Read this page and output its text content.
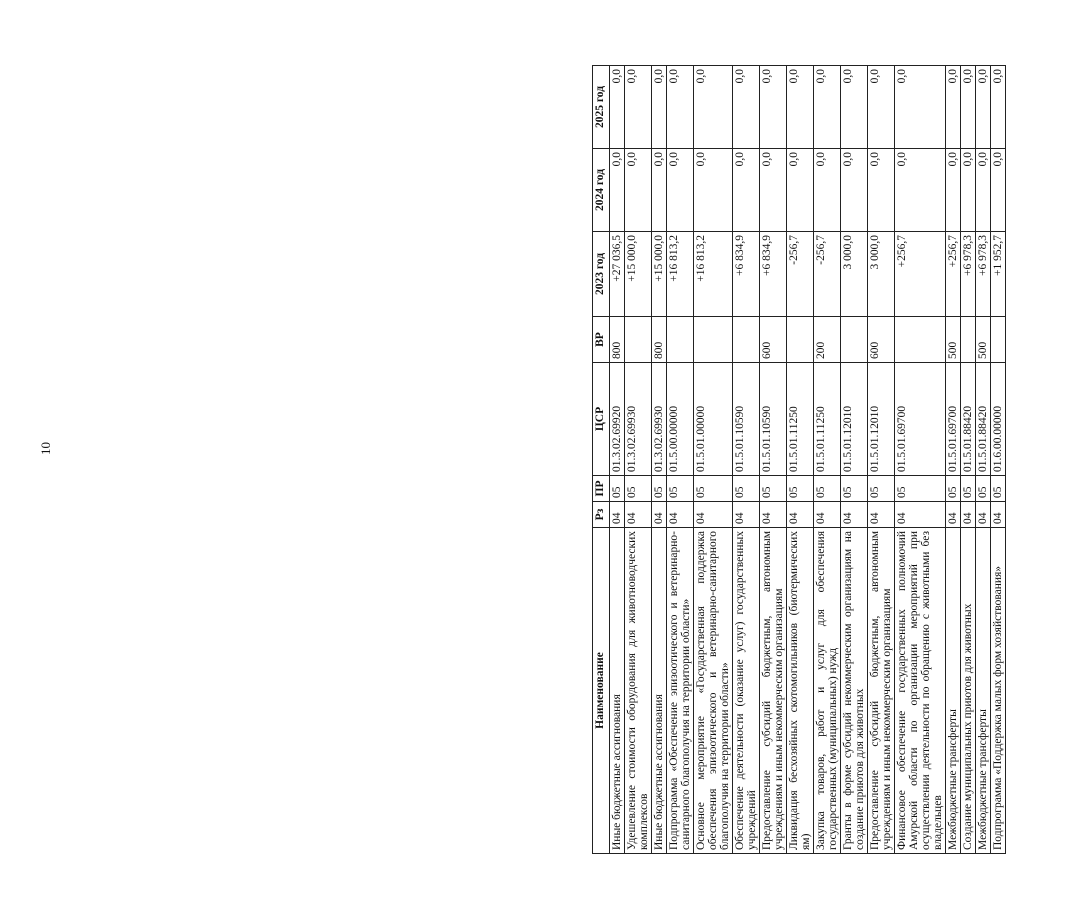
10
Наименование	Рз	ПР	ЦСР	ВР	2023 год	2024 год	2025 год
Иные бюджетные ассигнования	04	05	01.3.02.69920	800	+27 036,5	0,0	0,0
Удешевление стоимости оборудования для животноводческих комплексов	04	05	01.3.02.69930		+15 000,0	0,0	0,0
Иные бюджетные ассигнования	04	05	01.3.02.69930	800	+15 000,0	0,0	0,0
Подпрограмма «Обеспечение эпизоотического и ветеринарно-санитарного благополучия на территории области»	04	05	01.5.00.00000		+16 813,2	0,0	0,0
Основное мероприятие «Государственная поддержка обеспечения эпизоотического и ветеринарно-санитарного благополучия на территории области»	04	05	01.5.01.00000		+16 813,2	0,0	0,0
Обеспечение деятельности (оказание услуг) государственных учреждений	04	05	01.5.01.10590		+6 834,9	0,0	0,0
Предоставление субсидий бюджетным, автономным учреждениям и иным некоммерческим организациям	04	05	01.5.01.10590	600	+6 834,9	0,0	0,0
Ликвидация бесхозяйных скотомогильников (биотермических ям)	04	05	01.5.01.11250		-256,7	0,0	0,0
Закупка товаров, работ и услуг для обеспечения государственных (муниципальных) нужд	04	05	01.5.01.11250	200	-256,7	0,0	0,0
Гранты в форме субсидий некоммерческим организациям на создание приютов для животных	04	05	01.5.01.12010		3 000,0	0,0	0,0
Предоставление субсидий бюджетным, автономным учреждениям и иным некоммерческим организациям	04	05	01.5.01.12010	600	3 000,0	0,0	0,0
Финансовое обеспечение государственных полномочий Амурской области по организации мероприятий при осуществлении деятельности по обращению с животными без владельцев	04	05	01.5.01.69700		+256,7	0,0	0,0
Межбюджетные трансферты	04	05	01.5.01.69700	500	+256,7	0,0	0,0
Создание муниципальных приютов для животных	04	05	01.5.01.88420		+6 978,3	0,0	0,0
Межбюджетные трансферты	04	05	01.5.01.88420	500	+6 978,3	0,0	0,0
Подпрограмма «Поддержка малых форм хозяйствования»	04	05	01.6.00.00000		+1 952,7	0,0	0,0
